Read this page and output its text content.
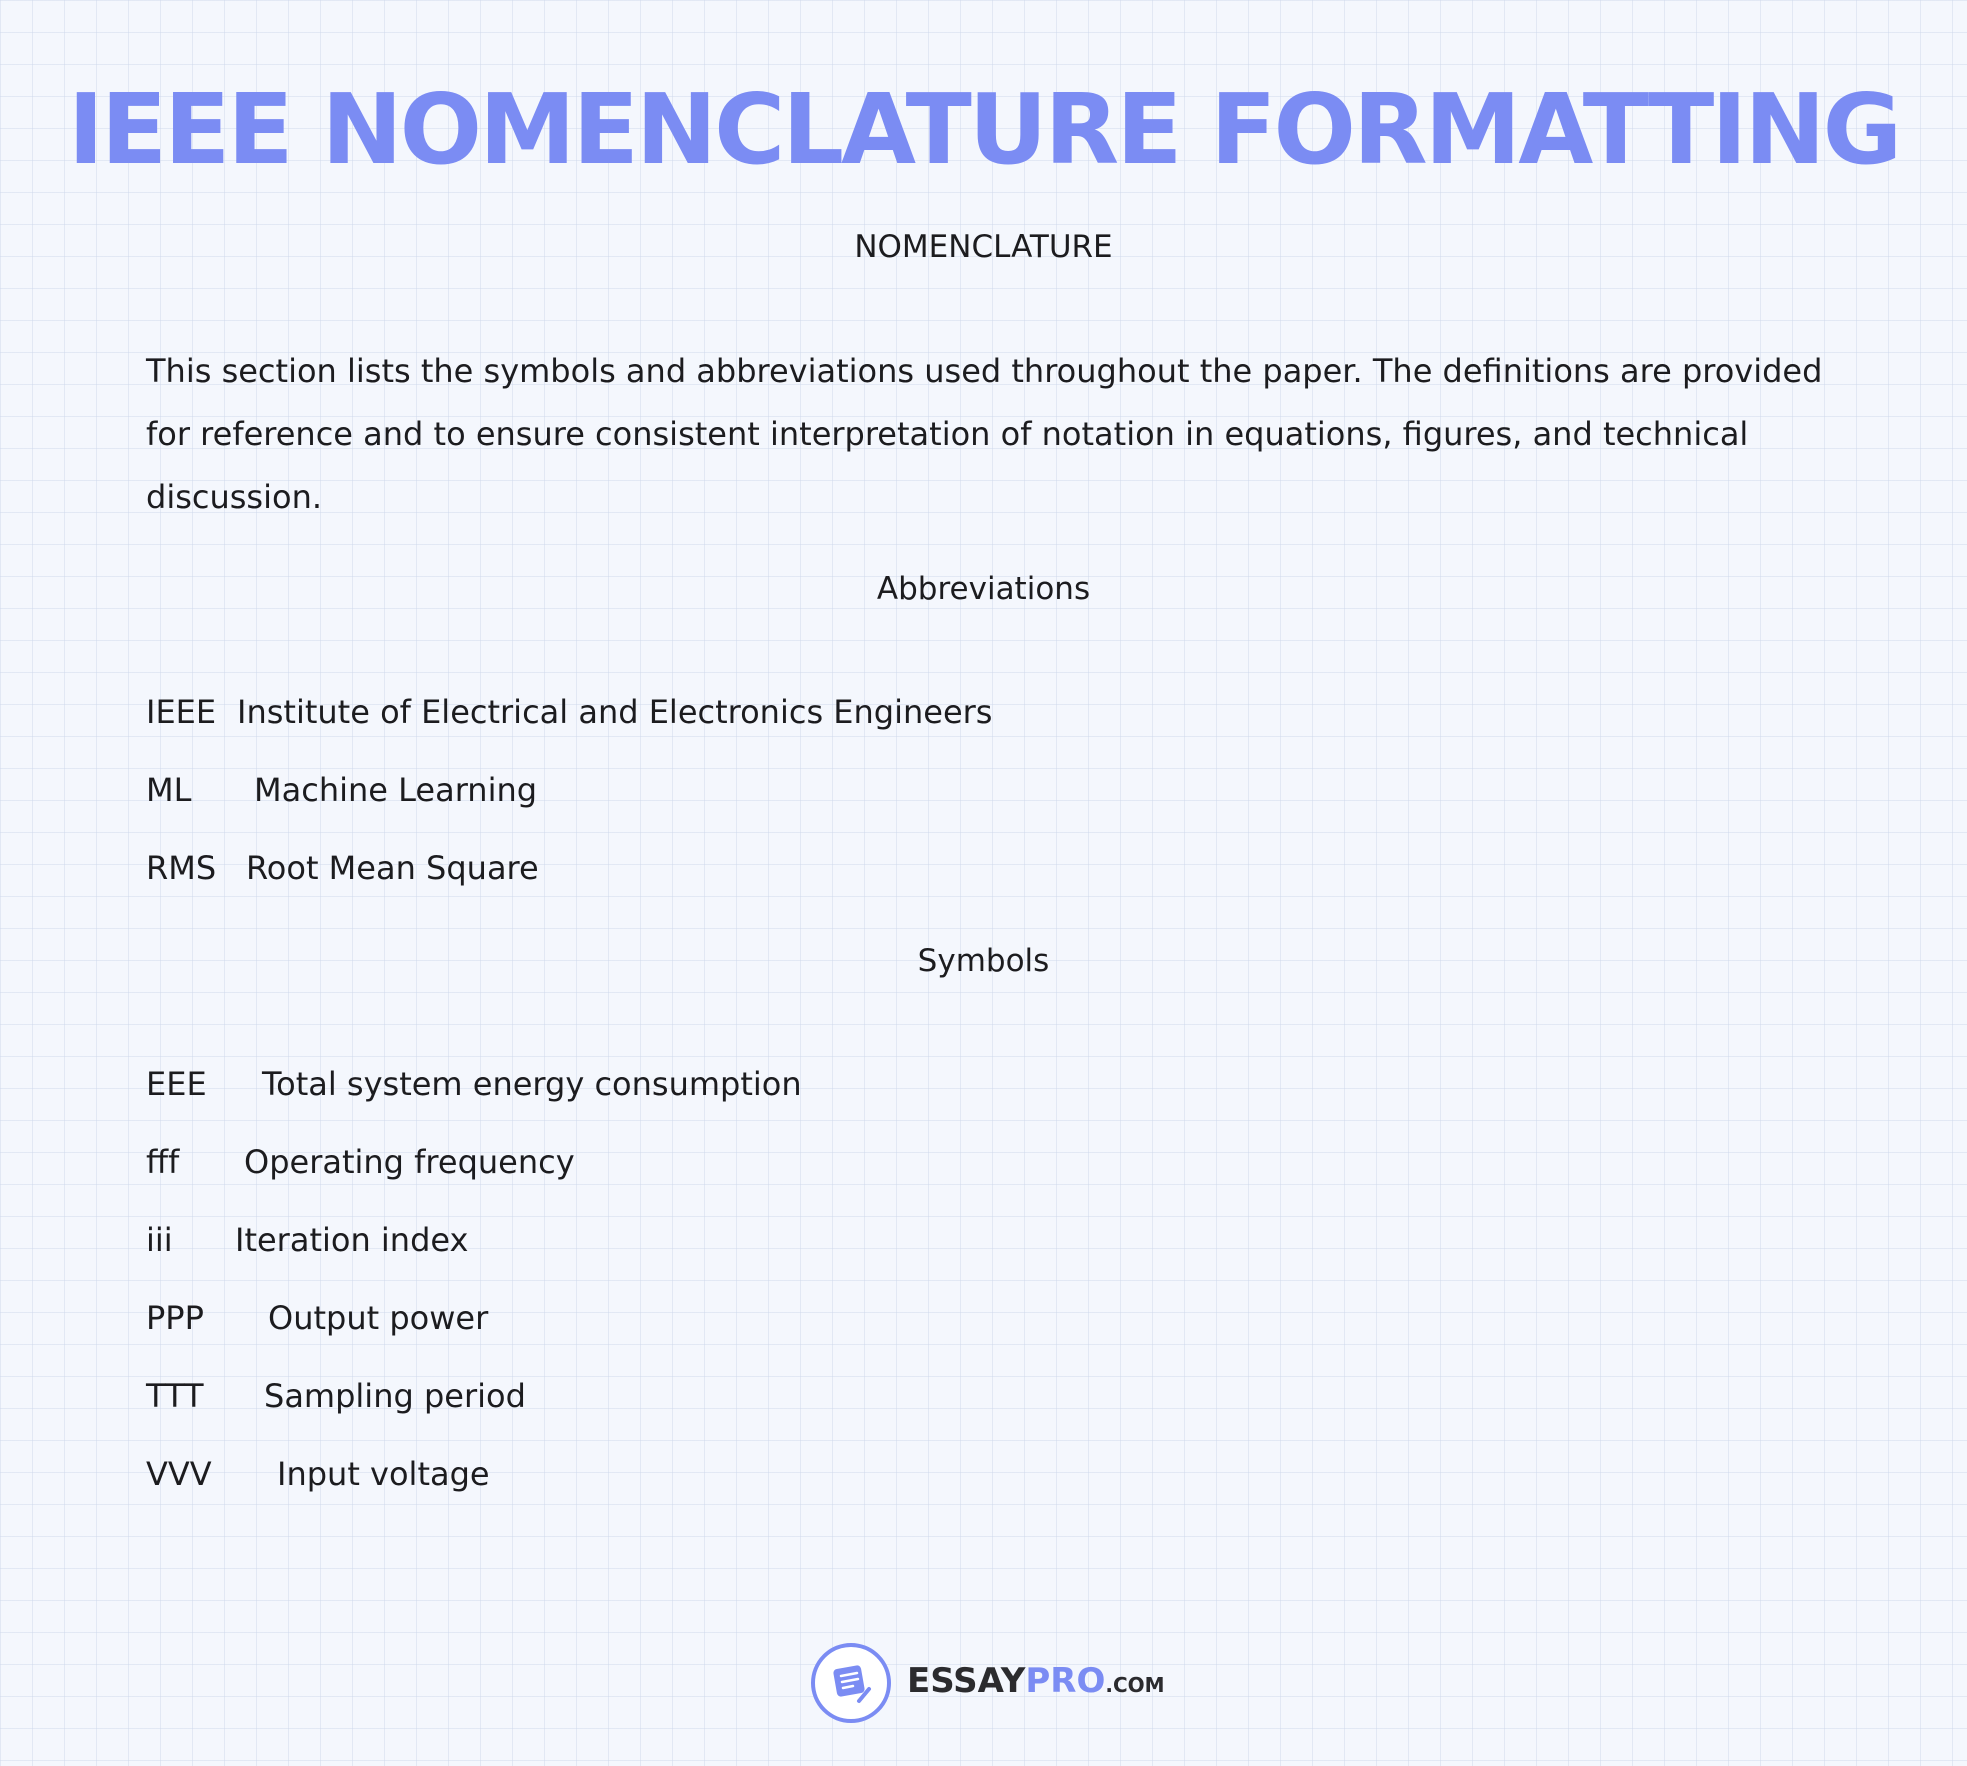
IEEE NOMENCLATURE FORMATTING
NOMENCLATURE

This section lists the symbols and abbreviations used throughout the paper. The definitions are provided for reference and to ensure consistent interpretation of notation in equations, figures, and technical discussion.

Abbreviations
IEEE Institute of Electrical and Electronics Engineers
ML Machine Learning
RMS Root Mean Square
Symbols
EEE Total system energy consumption
fff Operating frequency
iii Iteration index
PPP Output power
TTT Sampling period
VVV Input voltage
ESSAYPRO.COM
